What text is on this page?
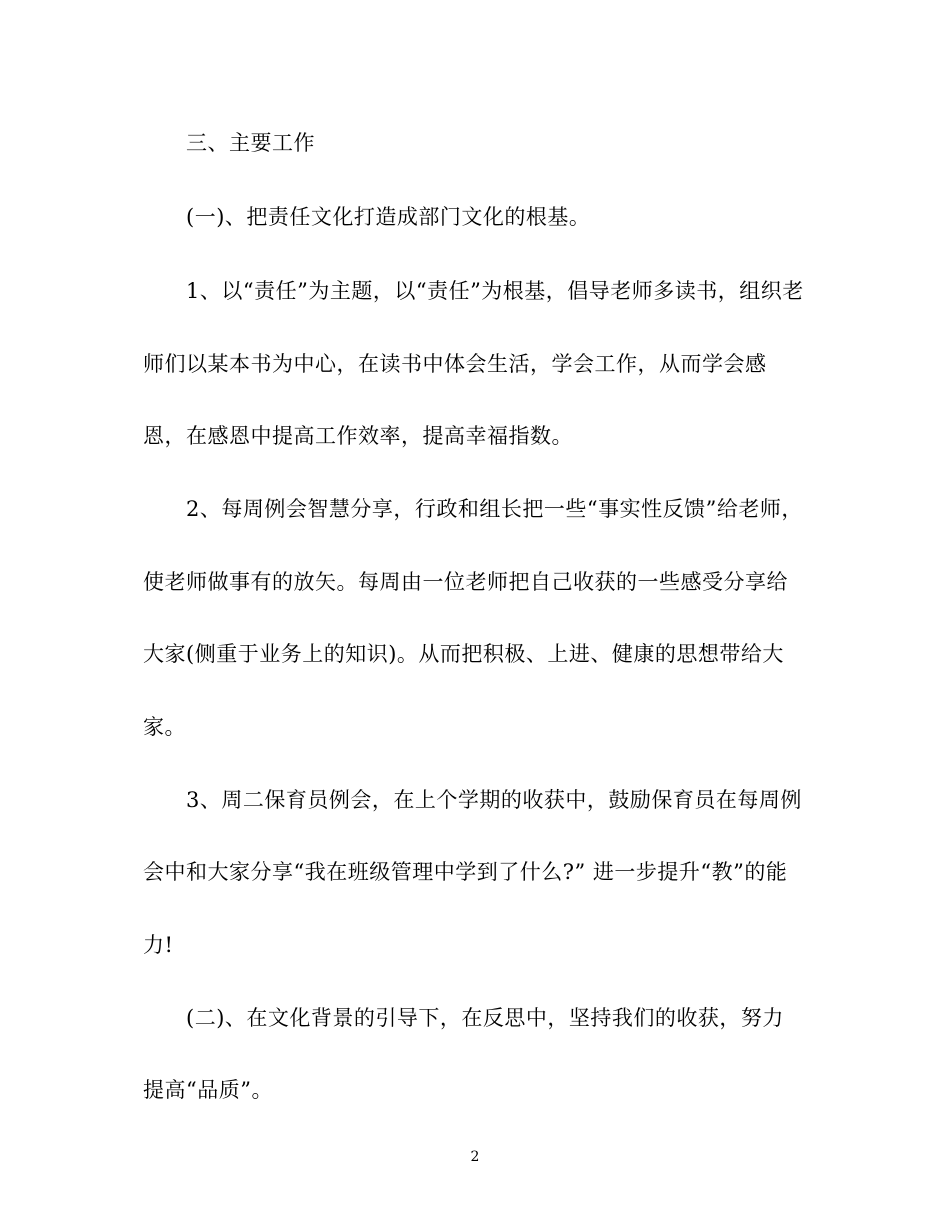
三、主要工作
(一)、把责任文化打造成部门文化的根基。
1、以“责任”为主题，以“责任”为根基，倡导老师多读书，组织老
师们以某本书为中心，在读书中体会生活，学会工作，从而学会感
恩，在感恩中提高工作效率，提高幸福指数。
2、每周例会智慧分享，行政和组长把一些“事实性反馈”给老师，
使老师做事有的放矢。每周由一位老师把自己收获的一些感受分享给
大家(侧重于业务上的知识)。从而把积极、上进、健康的思想带给大
家。
3、周二保育员例会，在上个学期的收获中，鼓励保育员在每周例
会中和大家分享“我在班级管理中学到了什么?” 进一步提升“教”的能
力!
(二)、在文化背景的引导下，在反思中，坚持我们的收获，努力
提高“品质”。
2
